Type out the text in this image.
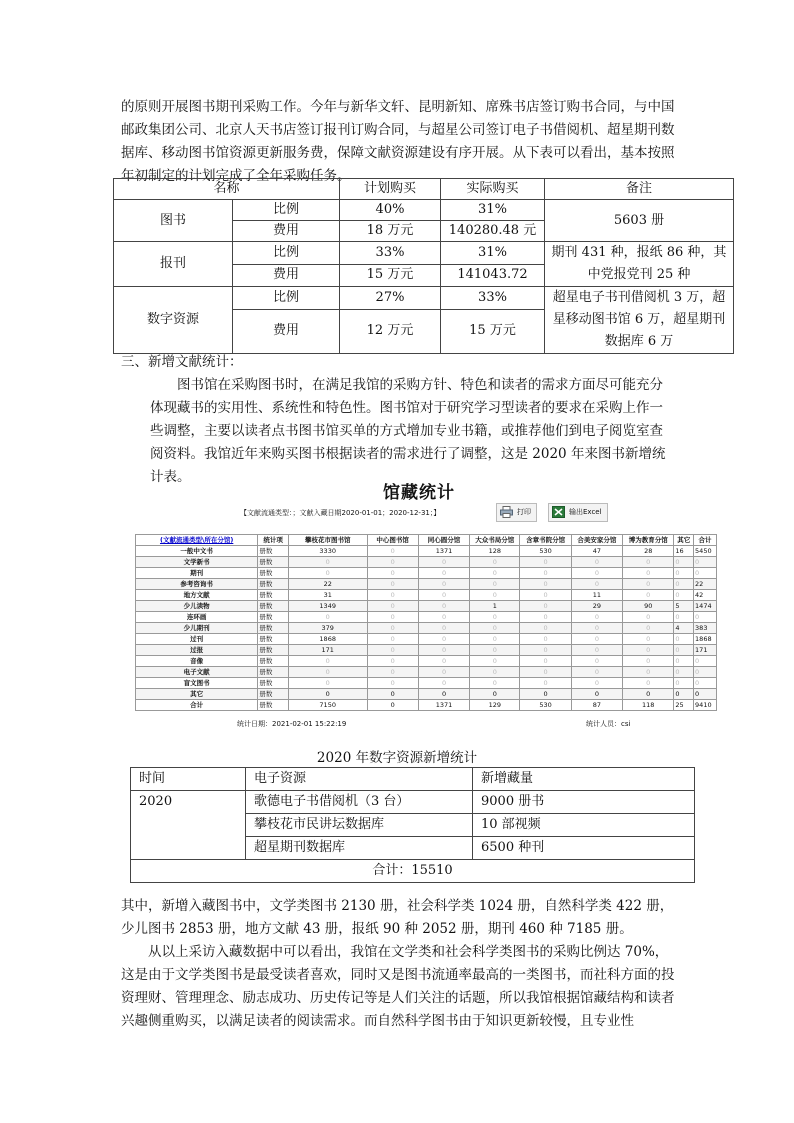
的原则开展图书期刊采购工作。今年与新华文轩、昆明新知、席殊书店签订购书合同，与中国邮政集团公司、北京人天书店签订报刊订购合同，与超星公司签订电子书借阅机、超星期刊数据库、移动图书馆资源更新服务费，保障文献资源建设有序开展。从下表可以看出，基本按照年初制定的计划完成了全年采购任务。
名称		计划购买	实际购买	备注
图书	比例	40%	31%	5603 册
	费用	18 万元	140280.48 元	
报刊	比例	33%	31%	期刊 431 种，报纸 86 种，其中党报党刊 25 种
	费用	15 万元	141043.72	
数字资源	比例	27%	33%	超星电子书刊借阅机 3 万，超星移动图书馆 6 万，超星期刊数据库 6 万
	费用	12 万元	15 万元	
三、新增文献统计：
图书馆在采购图书时，在满足我馆的采购方针、特色和读者的需求方面尽可能充分体现藏书的实用性、系统性和特色性。图书馆对于研究学习型读者的要求在采购上作一些调整，主要以读者点书图书馆买单的方式增加专业书籍，或推荐他们到电子阅览室查阅资料。我馆近年来购买图书根据读者的需求进行了调整，这是 2020 年来图书新增统计表。
馆藏统计
【文献流通类型：；文献入藏日期2020-01-01；2020-12-31；】	打印	输出Excel
(文献流通类型\所在分馆)	统计项	攀枝花市图书馆	中心图书馆	同心圆分馆	大众书局分馆	含章书院分馆	合美安家分馆	博为教育分馆	其它	合计
一般中文书	册数	3330	0	1371	128	530	47	28	16	5450
文学新书	册数	0	0	0	0	0	0	0	0	0
期刊	册数	0	0	0	0	0	0	0	0	0
参考咨询书	册数	22	0	0	0	0	0	0	0	22
地方文献	册数	31	0	0	0	0	11	0	0	42
少儿读物	册数	1349	0	0	1	0	29	90	5	1474
连环画	册数	0	0	0	0	0	0	0	0	0
少儿期刊	册数	379	0	0	0	0	0	0	4	383
过刊	册数	1868	0	0	0	0	0	0	0	1868
过报	册数	171	0	0	0	0	0	0	0	171
音像	册数	0	0	0	0	0	0	0	0	0
电子文献	册数	0	0	0	0	0	0	0	0	0
盲文图书	册数	0	0	0	0	0	0	0	0	0
其它	册数	0	0	0	0	0	0	0	0	0
合计	册数	7150	0	1371	129	530	87	118	25	9410
统计日期：2021-02-01 15:22:19	统计人员：csi
2020 年数字资源新增统计
时间	电子资源	新增藏量
2020	歌德电子书借阅机（3 台）	9000 册书
	攀枝花市民讲坛数据库	10 部视频
	超星期刊数据库	6500 种刊
合计：15510		
其中，新增入藏图书中，文学类图书 2130 册，社会科学类 1024 册，自然科学类 422 册，少儿图书 2853 册，地方文献 43 册，报纸 90 种 2052 册，期刊 460 种 7185 册。
从以上采访入藏数据中可以看出，我馆在文学类和社会科学类图书的采购比例达 70%，这是由于文学类图书是最受读者喜欢，同时又是图书流通率最高的一类图书，而社科方面的投资理财、管理理念、励志成功、历史传记等是人们关注的话题，所以我馆根据馆藏结构和读者兴趣侧重购买，以满足读者的阅读需求。而自然科学图书由于知识更新较慢，且专业性
